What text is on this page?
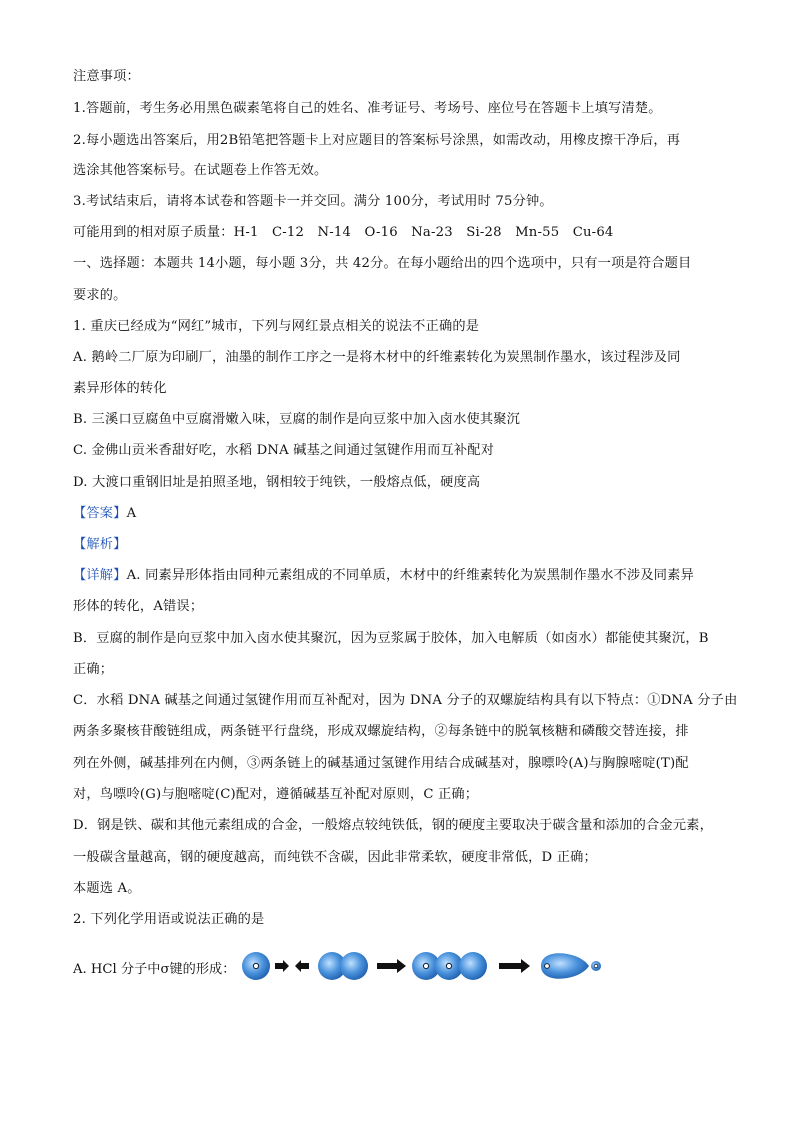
注意事项：
1.答题前，考生务必用黑色碳素笔将自己的姓名、准考证号、考场号、座位号在答题卡上填写清楚。
2.每小题选出答案后，用2B铅笔把答题卡上对应题目的答案标号涂黑，如需改动，用橡皮擦干净后，再
选涂其他答案标号。在试题卷上作答无效。
3.考试结束后，请将本试卷和答题卡一并交回。满分 100分，考试用时 75分钟。
可能用到的相对原子质量：H-1　C-12　N-14　O-16　Na-23　Si-28　Mn-55　Cu-64
一、选择题：本题共 14小题，每小题 3分，共 42分。在每小题给出的四个选项中，只有一项是符合题目
要求的。
1. 重庆已经成为“网红”城市，下列与网红景点相关的说法不正确的是
A. 鹅岭二厂原为印刷厂，油墨的制作工序之一是将木材中的纤维素转化为炭黑制作墨水，该过程涉及同
素异形体的转化
B. 三溪口豆腐鱼中豆腐滑嫩入味，豆腐的制作是向豆浆中加入卤水使其聚沉
C. 金佛山贡米香甜好吃，水稻 DNA 碱基之间通过氢键作用而互补配对
D. 大渡口重钢旧址是拍照圣地，钢相较于纯铁，一般熔点低，硬度高
【答案】A
【解析】
【详解】A. 同素异形体指由同种元素组成的不同单质，木材中的纤维素转化为炭黑制作墨水不涉及同素异
形体的转化，A错误；
B．豆腐的制作是向豆浆中加入卤水使其聚沉，因为豆浆属于胶体，加入电解质（如卤水）都能使其聚沉，B
正确；
C．水稻 DNA 碱基之间通过氢键作用而互补配对，因为 DNA 分子的双螺旋结构具有以下特点：①DNA 分子由
两条多聚核苷酸链组成，两条链平行盘绕，形成双螺旋结构，②每条链中的脱氧核糖和磷酸交替连接，排
列在外侧，碱基排列在内侧，③两条链上的碱基通过氢键作用结合成碱基对，腺嘌呤(A)与胸腺嘧啶(T)配
对，鸟嘌呤(G)与胞嘧啶(C)配对，遵循碱基互补配对原则，C 正确；
D．钢是铁、碳和其他元素组成的合金，一般熔点较纯铁低，钢的硬度主要取决于碳含量和添加的合金元素，
一般碳含量越高，钢的硬度越高，而纯铁不含碳，因此非常柔软，硬度非常低，D 正确；
本题选 A。
2. 下列化学用语或说法正确的是
A. HCl 分子中σ键的形成：
